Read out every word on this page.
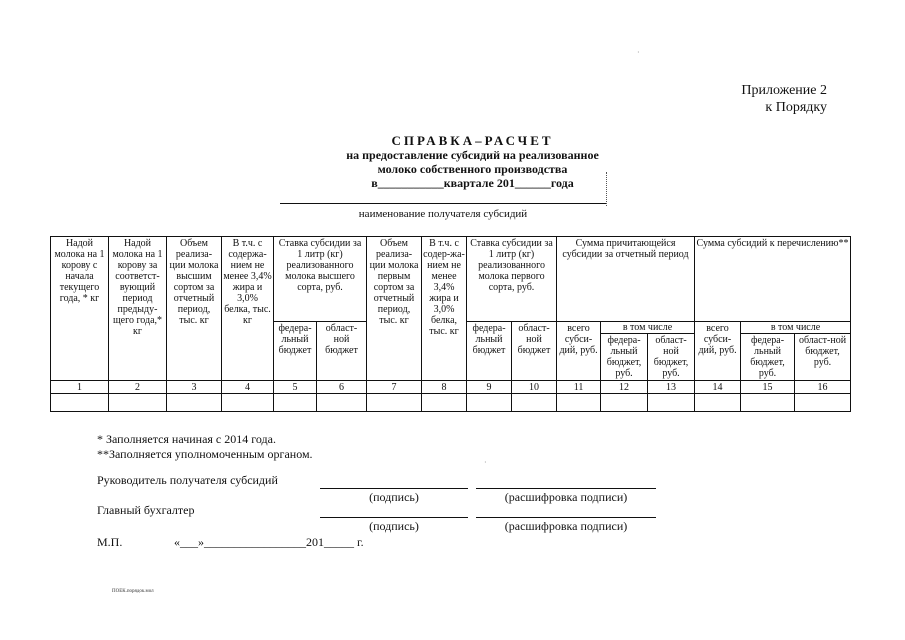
Приложение 2
к Порядку
СПРАВКА–РАСЧЕТ
на предоставление субсидий на реализованное
молоко собственного производства
в___________квартале 201______года
наименование получателя субсидий
Надой молока на 1 корову с начала текущего года, * кг	Надой молока на 1 корову за соответст-вующий период предыду-щего года,* кг	Объем реализа-ции молока высшим сортом за отчетный период, тыс. кг	В т.ч. с содержа-нием не менее 3,4% жира и 3,0% белка, тыс. кг	Ставка субсидии за 1 литр (кг) реализованного молока высшего сорта, руб.		Объем реализа-ции молока первым сортом за отчетный период, тыс. кг	В т.ч. с содер-жа-нием не менее 3,4% жира и 3,0% белка, тыс. кг	Ставка субсидии за 1 литр (кг) реализованного молока первого сорта, руб.		Сумма причитающейся субсидии за отчетный период			Сумма субсидий к перечислению**		
				федера-льный бюджет	област-ной бюджет			федера-льный бюджет	област-ной бюджет	всего субси-дий, руб.	в том числе		всего субси-дий, руб.	в том числе	
											федера-льный бюджет, руб.	област-ной бюджет, руб.		федера-льный бюджет, руб.	област-ной бюджет, руб.
1	2	3	4	5	6	7	8	9	10	11	12	13	14	15	16

* Заполняется начиная с 2014 года.
**Заполняется уполномоченным органом.
Руководитель получателя субсидий
(подпись)	(расшифровка подписи)
Главный бухгалтер
(подпись)	(расшифровка подписи)
М.П.	«___»_________________201_____ г.
ПОЕК.порядок.мол
·
·
